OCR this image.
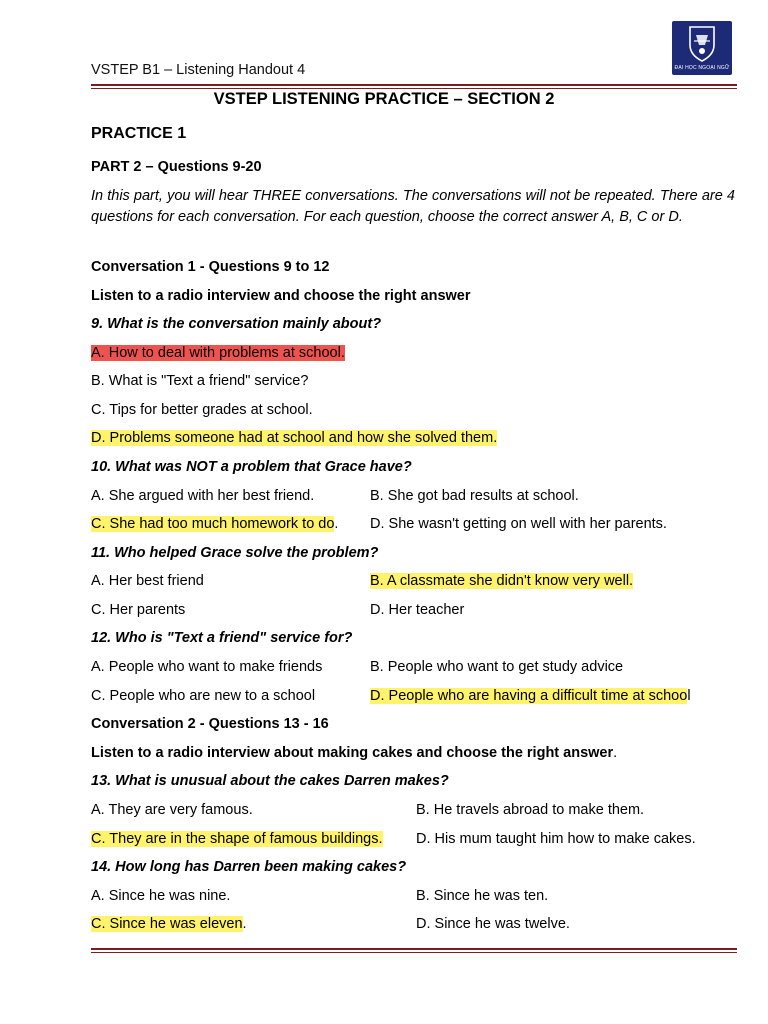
VSTEP B1 – Listening Handout 4
ULIS
ĐẠI HỌC NGOẠI NGỮ
VSTEP LISTENING PRACTICE – SECTION 2
PRACTICE 1
PART 2 – Questions 9-20
In this part, you will hear THREE conversations. The conversations will not be repeated. There are 4 questions for each conversation. For each question, choose the correct answer A, B, C or D.
Conversation 1 - Questions 9 to 12
Listen to a radio interview and choose the right answer
9. What is the conversation mainly about?
A. How to deal with problems at school.
B. What is "Text a friend" service?
C. Tips for better grades at school.
D. Problems someone had at school and how she solved them.
10. What was NOT a problem that Grace have?
A. She argued with her best friend.	B. She got bad results at school.
C. She had too much homework to do. D. She wasn't getting on well with her parents.
11. Who helped Grace solve the problem?
A. Her best friend	B. A classmate she didn't know very well.
C. Her parents	D. Her teacher
12. Who is "Text a friend" service for?
A. People who want to make friends	B. People who want to get study advice
C. People who are new to a school	D. People who are having a difficult time at school
Conversation 2 - Questions 13 - 16
Listen to a radio interview about making cakes and choose the right answer.
13. What is unusual about the cakes Darren makes?
A. They are very famous.	B. He travels abroad to make them.
C. They are in the shape of famous buildings. D. His mum taught him how to make cakes.
14. How long has Darren been making cakes?
A. Since he was nine.	B. Since he was ten.
C. Since he was eleven.	D. Since he was twelve.
